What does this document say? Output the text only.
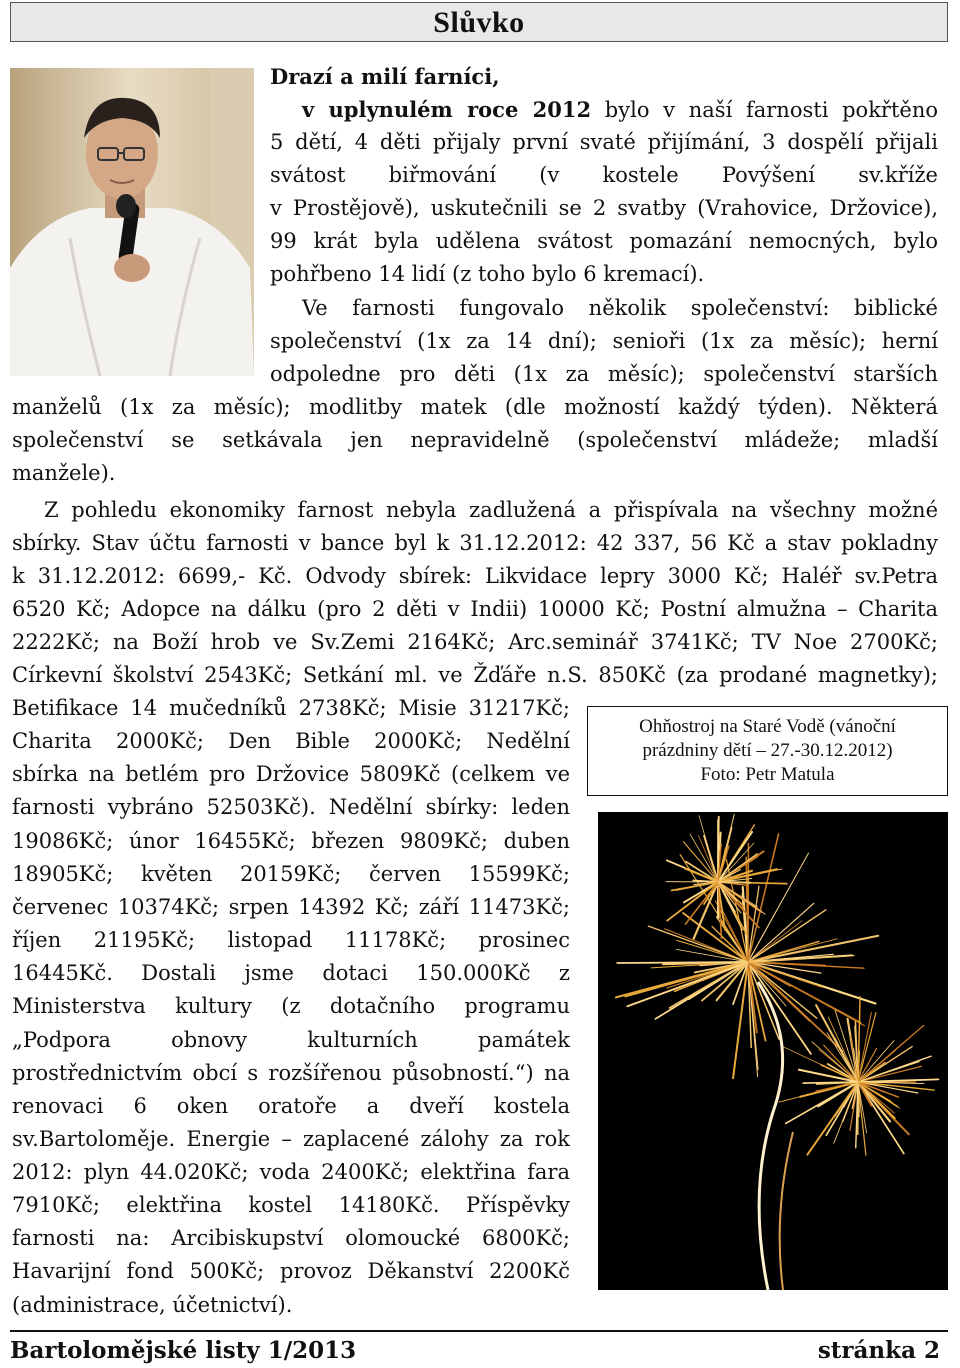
Slůvko
Drazí a milí farníci,
v uplynulém roce 2012 bylo v naší farnosti pokřtěno
5 dětí, 4 děti přijaly první svaté přijímání, 3 dospělí přijali
svátost biřmování (v kostele Povýšení sv.kříže
v Prostějově), uskutečnili se 2 svatby (Vrahovice, Držovice),
99 krát byla udělena svátost pomazání nemocných, bylo
pohřbeno 14 lidí (z toho bylo 6 kremací).
Ve farnosti fungovalo několik společenství: biblické
společenství (1x za 14 dní); senioři (1x za měsíc); herní
odpoledne pro děti (1x za měsíc); společenství starších
manželů (1x za měsíc); modlitby matek (dle možností každý týden). Některá
společenství se setkávala jen nepravidelně (společenství mládeže; mladší
manžele).
Z pohledu ekonomiky farnost nebyla zadlužená a přispívala na všechny možné
sbírky. Stav účtu farnosti v bance byl k 31.12.2012: 42 337, 56 Kč a stav pokladny
k 31.12.2012: 6699,- Kč. Odvody sbírek: Likvidace lepry 3000 Kč; Haléř sv.Petra
6520 Kč; Adopce na dálku (pro 2 děti v Indii) 10000 Kč; Postní almužna – Charita
2222Kč; na Boží hrob ve Sv.Zemi 2164Kč; Arc.seminář 3741Kč; TV Noe 2700Kč;
Církevní školství 2543Kč; Setkání ml. ve Žďáře n.S. 850Kč (za prodané magnetky);
Betifikace 14 mučedníků 2738Kč; Misie 31217Kč;
Charita 2000Kč; Den Bible 2000Kč; Nedělní
sbírka na betlém pro Držovice 5809Kč (celkem ve
farnosti vybráno 52503Kč). Nedělní sbírky: leden
19086Kč; únor 16455Kč; březen 9809Kč; duben
18905Kč; květen 20159Kč; červen 15599Kč;
červenec 10374Kč; srpen 14392 Kč; září 11473Kč;
říjen 21195Kč; listopad 11178Kč; prosinec
16445Kč. Dostali jsme dotaci 150.000Kč z
Ministerstva kultury (z dotačního programu
„Podpora obnovy kulturních památek
prostřednictvím obcí s rozšířenou působností.“) na
renovaci 6 oken oratoře a dveří kostela
sv.Bartoloměje. Energie – zaplacené zálohy za rok
2012: plyn 44.020Kč; voda 2400Kč; elektřina fara
7910Kč; elektřina kostel 14180Kč. Příspěvky
farnosti na: Arcibiskupství olomoucké 6800Kč;
Havarijní fond 500Kč; provoz Děkanství 2200Kč
(administrace, účetnictví).
Ohňostroj na Staré Vodě (vánoční
prázdniny dětí – 27.-30.12.2012)
Foto: Petr Matula
Bartolomějské listy 1/2013	stránka 2
